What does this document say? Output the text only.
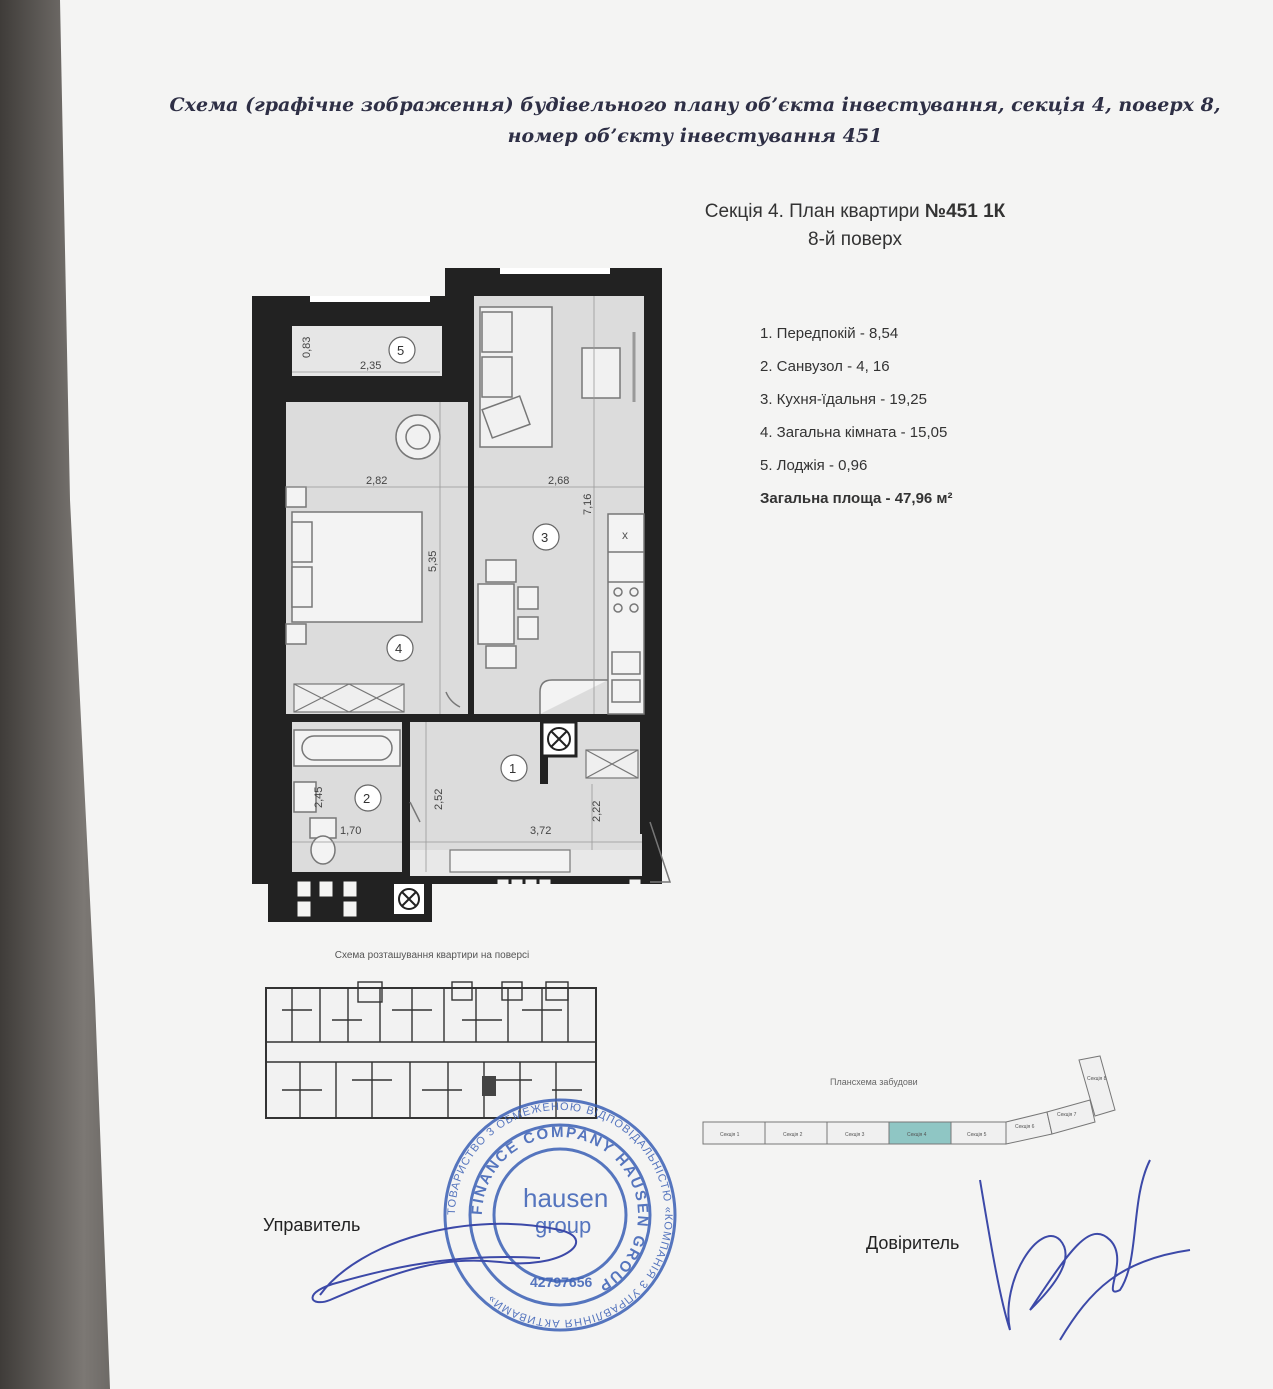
Схема (графічне зображення) будівельного плану об’єкта інвестування, секція 4, поверх 8,
номер об’єкту інвестування 451
Секція 4. План квартири №451 1К
8-й поверх
1. Передпокій - 8,54
2. Санвузол - 4, 16
3. Кухня-їдальня - 19,25
4. Загальна кімната - 15,05
5. Лоджія - 0,96
Загальна площа - 47,96 м²
x
0,83
2,35
2,82	2,68
7,16
5,35
2,45	2,52
1,70	3,72
2,22
5
3
4
1
2
Схема розташування квартири на поверсі
Планcхема забудови
Секція 1	Секція 2	Секція 3	Секція 4	Секція 5
Секція 6
Секція 7
Секція 8
ТОВАРИСТВО З ОБМЕЖЕНОЮ ВІДПОВІДАЛЬНІСТЮ «КОМПАНІЯ З УПРАВЛІННЯ АКТИВАМИ»
FINANCE COMPANY HAUSEN GROUP
hausen
group
42797656
Управитель
Довіритель
